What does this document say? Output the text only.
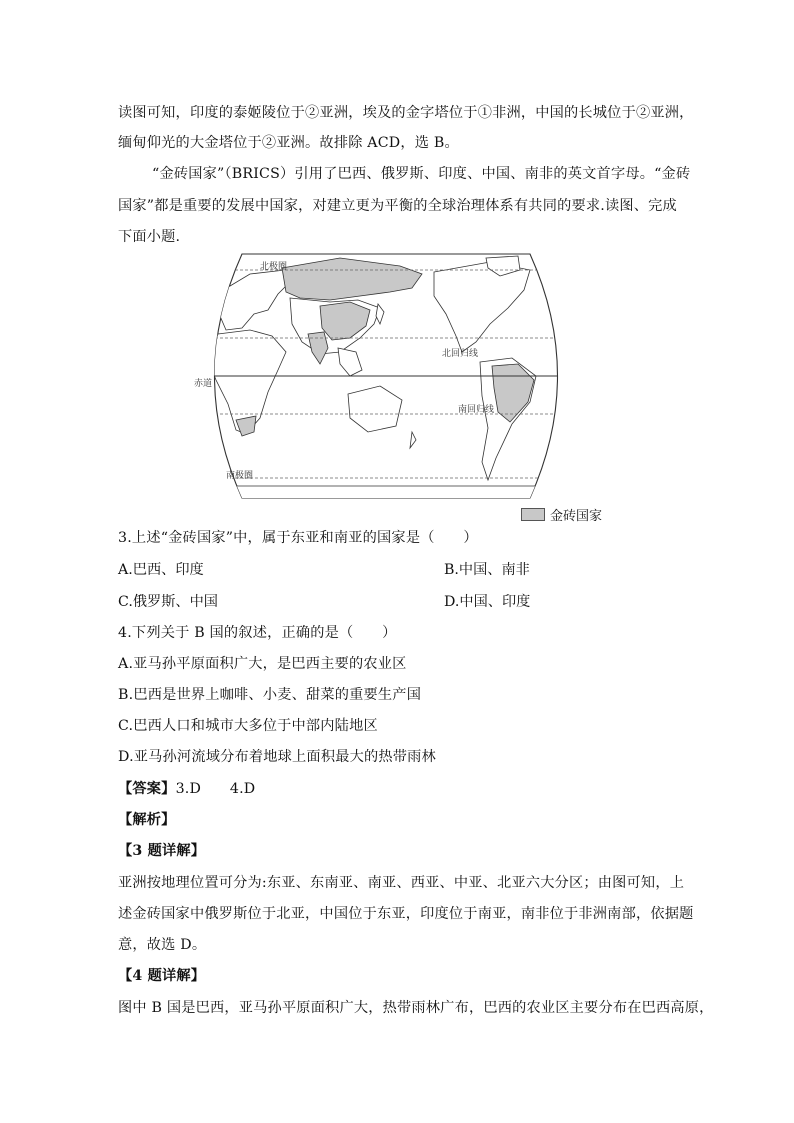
读图可知，印度的泰姬陵位于②亚洲，埃及的金字塔位于①非洲，中国的长城位于②亚洲，
缅甸仰光的大金塔位于②亚洲。故排除 ACD，选 B。
“金砖国家”（BRICS）引用了巴西、俄罗斯、印度、中国、南非的英文首字母。“金砖
国家”都是重要的发展中国家，对建立更为平衡的全球治理体系有共同的要求.读图、完成
下面小题.
北极圈
北回归线
赤道
南回归线
南极圈
金砖国家
3.上述“金砖国家”中，属于东亚和南亚的国家是（　　）
A.巴西、印度	B.中国、南非
C.俄罗斯、中国	D.中国、印度
4.下列关于 B 国的叙述，正确的是（　　）
A.亚马孙平原面积广大，是巴西主要的农业区
B.巴西是世界上咖啡、小麦、甜菜的重要生产国
C.巴西人口和城市大多位于中部内陆地区
D.亚马孙河流域分布着地球上面积最大的热带雨林
【答案】3.D　　4.D
【解析】
【3 题详解】
亚洲按地理位置可分为:东亚、东南亚、南亚、西亚、中亚、北亚六大分区；由图可知，上
述金砖国家中俄罗斯位于北亚，中国位于东亚，印度位于南亚，南非位于非洲南部，依据题
意，故选 D。
【4 题详解】
图中 B 国是巴西，亚马孙平原面积广大，热带雨林广布，巴西的农业区主要分布在巴西高原，
